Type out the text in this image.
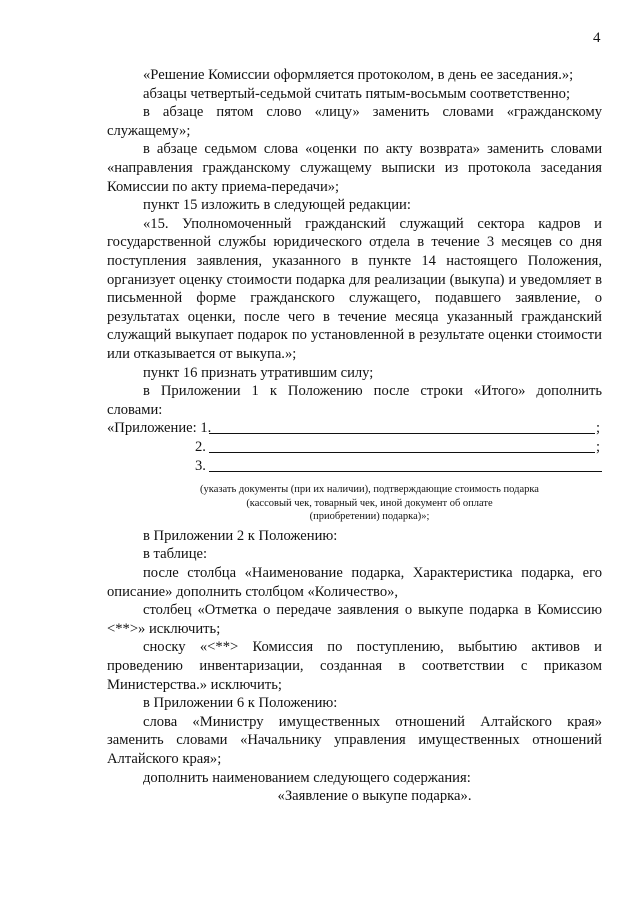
4

«Решение Комиссии оформляется протоколом, в день ее заседания.»;

абзацы четвертый-седьмой считать пятым-восьмым соответственно;

в абзаце пятом слово «лицу» заменить словами «гражданскому служащему»;

в абзаце седьмом слова «оценки по акту возврата» заменить словами «направления гражданскому служащему выписки из протокола заседания Комиссии по акту приема-передачи»;

пункт 15 изложить в следующей редакции:

«15. Уполномоченный гражданский служащий сектора кадров и государственной службы юридического отдела в течение 3 месяцев со дня поступления заявления, указанного в пункте 14 настоящего Положения, организует оценку стоимости подарка для реализации (выкупа) и уведомляет в письменной форме гражданского служащего, подавшего заявление, о результатах оценки, после чего в течение месяца указанный гражданский служащий выкупает подарок по установленной в результате оценки стоимости или отказывается от выкупа.»;

пункт 16 признать утратившим силу;

в Приложении 1 к Положению после строки «Итого» дополнить словами:

«Приложение: 1.	;
2.	;
3.

(указать документы (при их наличии), подтверждающие стоимость подарка

(кассовый чек, товарный чек, иной документ об оплате

(приобретении) подарка)»;

в Приложении 2 к Положению:

в таблице:

после столбца «Наименование подарка, Характеристика подарка, его описание» дополнить столбцом «Количество»,

столбец «Отметка о передаче заявления о выкупе подарка в Комиссию <**>» исключить;

сноску «<**> Комиссия по поступлению, выбытию активов и проведению инвентаризации, созданная в соответствии с приказом Министерства.» исключить;

в Приложении 6 к Положению:

слова «Министру имущественных отношений Алтайского края» заменить словами «Начальнику управления имущественных отношений Алтайского края»;

дополнить наименованием следующего содержания:

«Заявление о выкупе подарка».
